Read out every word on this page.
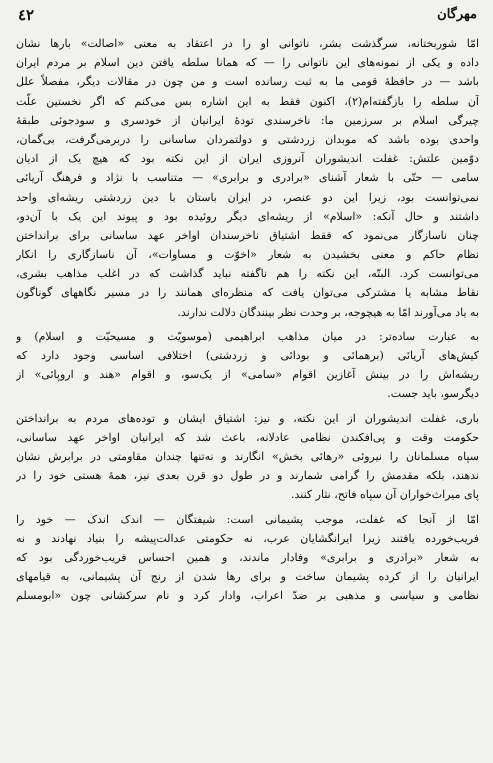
٤٢	مهرگان
امّا شوربختانه، سرگذشت بشر، ناتوانی او را در اعتقاد به معنی «اصالت» بارها نشان
داده و یکی از نمونه‌های این ناتوانی را — که همانا سلطه یافتن دین اسلام بر مردم ایران
باشد — در حافظهٔ قومی ما به ثبت رسانده است و من چون در مقالات دیگر، مفصلاً علل
آن سلطه را بازگفته‌ام(۲)، اکنون فقط به این اشاره بس می‌کنم که اگر نخستین علّت
چیرگی اسلام بر سرزمین ما: ناخرسندی تودهٔ ایرانیان از خودسری و سودجوئی طبقهٔ
واحدی بوده باشد که موبدان زردشتی و دولتمردان ساسانی را دربرمی‌گرفت، بی‌گمان،
دوّمین علتش: غفلت اندیشوران آنروزی ایران از این نکته بود که هیچ یک از ادیان
سامی — حتّی با شعار آشنای «برادری و برابری» — متناسب با نژاد و فرهنگ آریائی
نمی‌توانست بود، زیرا این دو عنصر، در ایران باستان با دین زردشتی ریشه‌ای واحد
داشتند و حال آنکه: «اسلام» از ریشه‌ای دیگر روئیده بود و پیوند این یک با آن‌دو،
چنان ناسازگار می‌نمود که فقط اشتیاق ناخرسندان اواخر عهد ساسانی برای برانداختن
نظام حاکم و معنی بخشیدن به شعار «اخوّت و مساوات»، آن ناسازگاری را انکار
می‌توانست کرد. البتّه، این نکته را هم ناگفته نباید گذاشت که در اغلب مذاهب بشری،
نقاط مشابه یا مشترکی می‌توان یافت که منظره‌ای همانند را در مسیر نگاههای گوناگون
به یاد می‌آورند امّا به هیچوجه، بر وحدت نظر بینندگان دلالت ندارند.
به عبارت ساده‌تر: در میان مذاهب ابراهیمی (موسویّت و مسیحیّت و اسلام) و
کیش‌های آریائی (برهمائی و بودائی و زردشتی) اختلافی اساسی وجود دارد که
ریشه‌اش را در بینش آغازین اقوام «سامی» از یک‌سو، و اقوام «هند و اروپائی» از
دیگرسو، باید جست.
باری، غفلت اندیشوران از این نکته، و نیز: اشتیاق ایشان و توده‌های مردم به برانداختن
حکومت وقت و پی‌افکندن نظامی عادلانه، باعث شد که ایرانیان اواخر عهد ساسانی،
سپاه مسلمانان را نیروئی «رهائی بخش» انگارند و نه‌تنها چندان مقاومتی در برابرش نشان
ندهند، بلکه مقدمش را گرامی شمارند و در طول دو قرن بعدی نیز، همهٔ هستی خود را در
پای میراث‌خواران آن سپاه فاتح، نثار کنند.
امّا از آنجا که غفلت، موجب پشیمانی است: شیفتگان — اندک اندک — خود را
فریب‌خورده یافتند زیرا ایرانگشایان عرب، نه حکومتی عدالت‌پیشه را بنیاد نهادند و نه
به شعار «برادری و برابری» وفادار ماندند، و همین احساس فریب‌خوردگی بود که
ایرانیان را از کرده پشیمان ساخت و برای رها شدن از رنج آن پشیمانی، به قیامهای
نظامی و سیاسی و مذهبی بر ضدّ اعراب، وادار کرد و نام سرکشانی چون «ابومسلم
